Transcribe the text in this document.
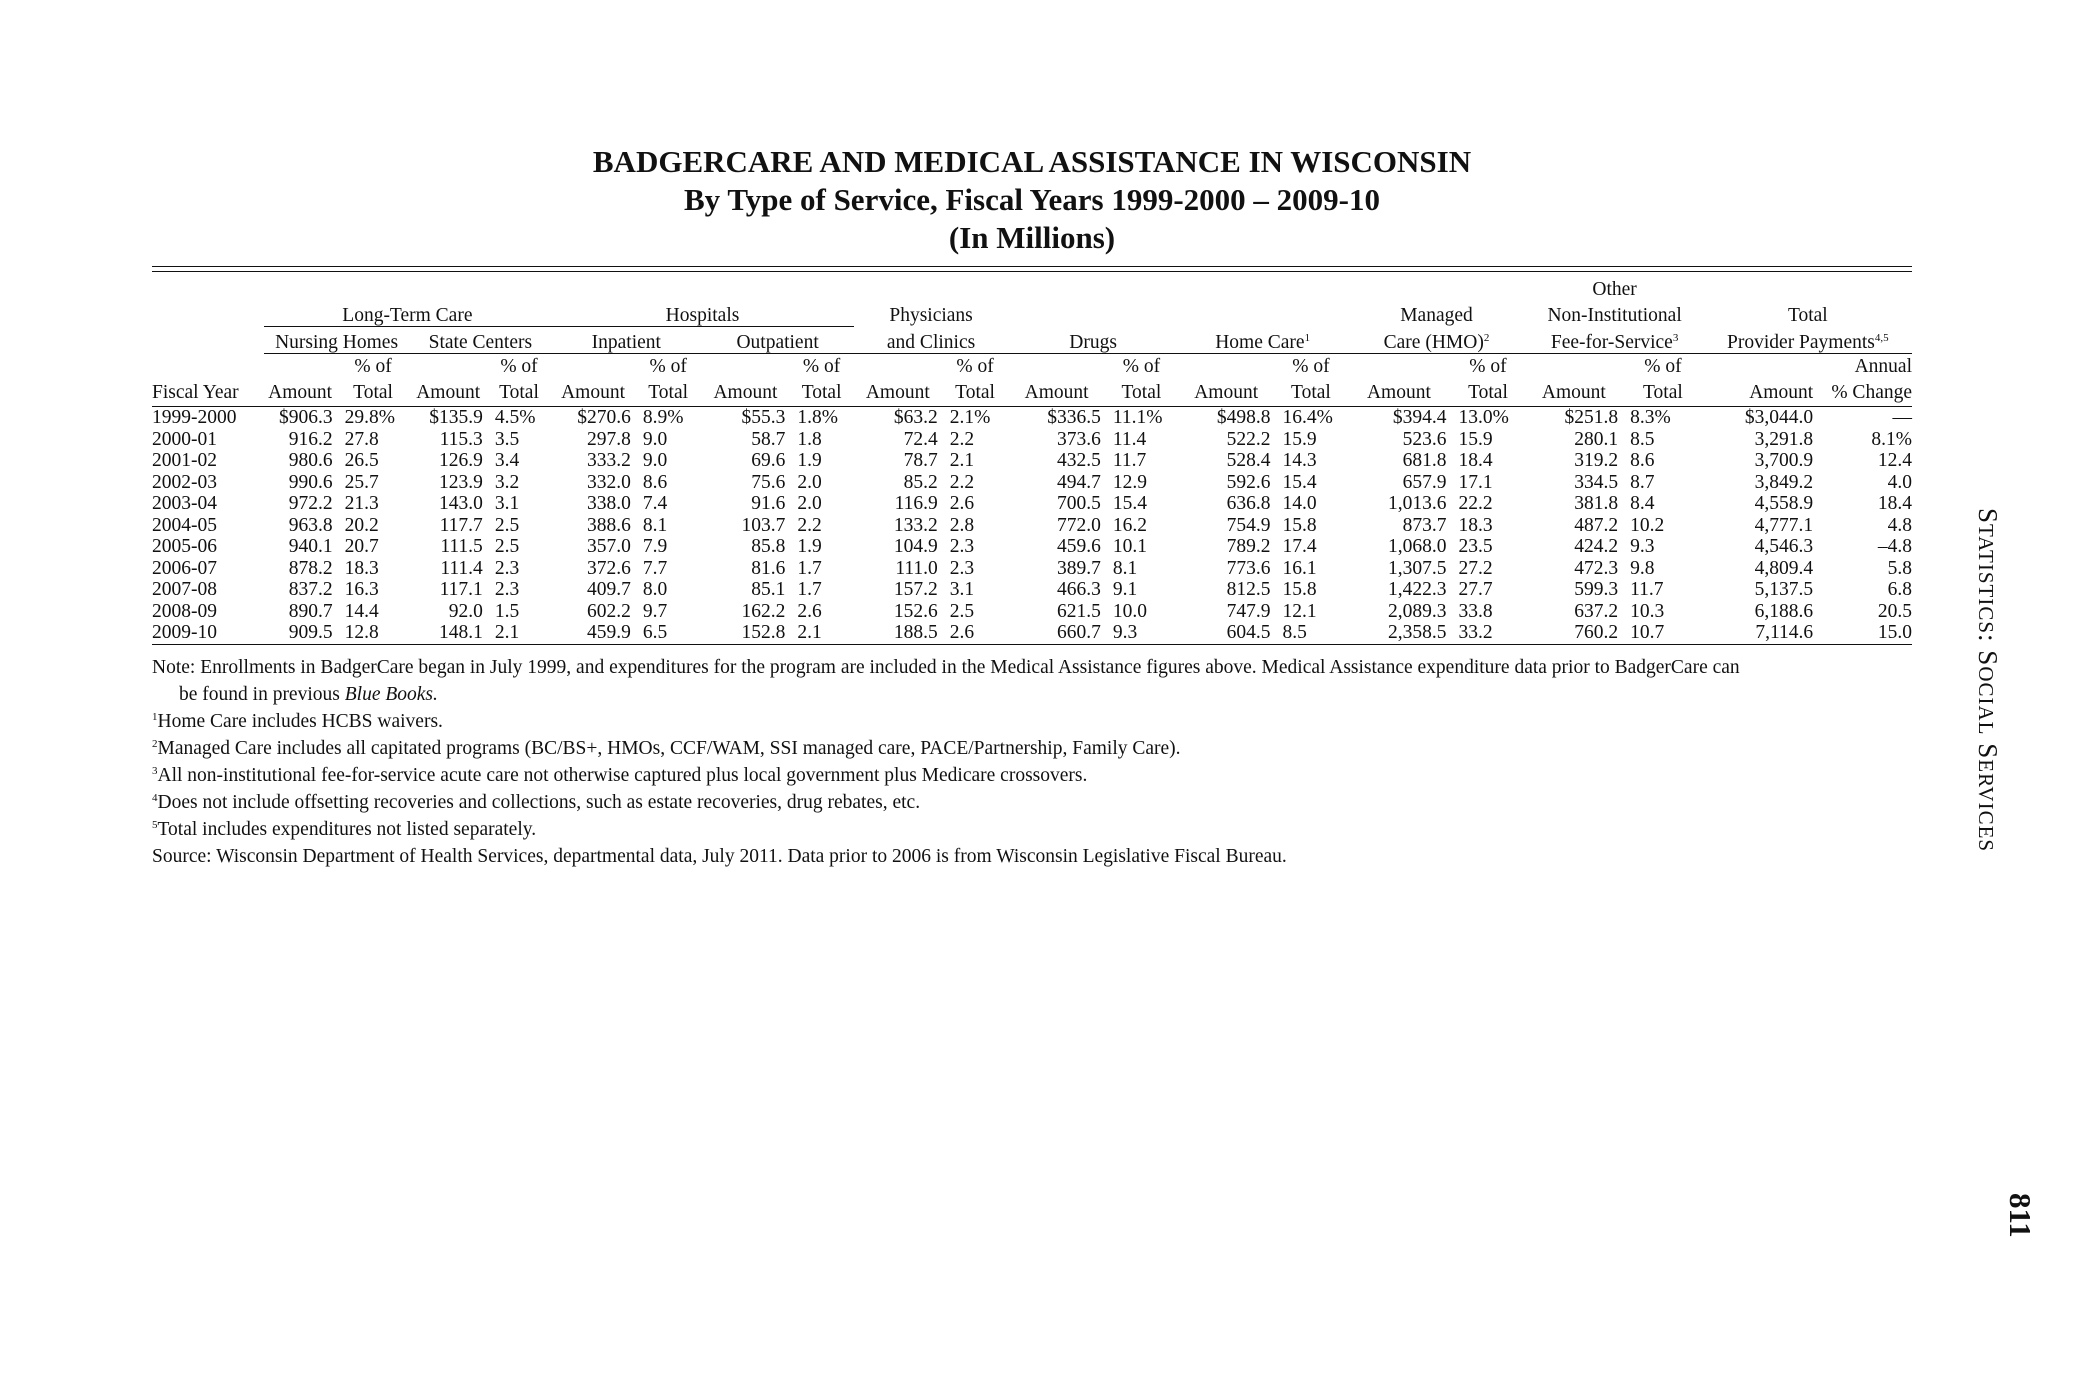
BADGERCARE AND MEDICAL ASSISTANCE IN WISCONSIN
By Type of Service, Fiscal Years 1999-2000 – 2009-10
(In Millions)
																	Other			
	Long-Term Care				Hospitals				Physicians						Managed		Non-Institutional		Total	
	Nursing Homes		State Centers		Inpatient		Outpatient		and Clinics		Drugs		Home Care$^1$		Care (HMO)$^2$		Fee-for-Service$^3$		Provider Payments$^{4,5}$
		% of		% of		% of		% of		% of		% of		% of		% of		% of		Annual
Fiscal Year	Amount	Total	Amount	Total	Amount	Total	Amount	Total	Amount	Total	Amount	Total	Amount	Total	Amount	Total	Amount	Total	Amount	% Change
1999-2000	$906.3	29.8%	$135.9	4.5%	$270.6	8.9%	$55.3	1.8%	$63.2	2.1%	$336.5	11.1%	$498.8	16.4%	$394.4	13.0%	$251.8	8.3%	$3,044.0	—
2000-01	916.2	27.8	115.3	3.5	297.8	9.0	58.7	1.8	72.4	2.2	373.6	11.4	522.2	15.9	523.6	15.9	280.1	8.5	3,291.8	8.1%
2001-02	980.6	26.5	126.9	3.4	333.2	9.0	69.6	1.9	78.7	2.1	432.5	11.7	528.4	14.3	681.8	18.4	319.2	8.6	3,700.9	12.4
2002-03	990.6	25.7	123.9	3.2	332.0	8.6	75.6	2.0	85.2	2.2	494.7	12.9	592.6	15.4	657.9	17.1	334.5	8.7	3,849.2	4.0
2003-04	972.2	21.3	143.0	3.1	338.0	7.4	91.6	2.0	116.9	2.6	700.5	15.4	636.8	14.0	1,013.6	22.2	381.8	8.4	4,558.9	18.4
2004-05	963.8	20.2	117.7	2.5	388.6	8.1	103.7	2.2	133.2	2.8	772.0	16.2	754.9	15.8	873.7	18.3	487.2	10.2	4,777.1	4.8
2005-06	940.1	20.7	111.5	2.5	357.0	7.9	85.8	1.9	104.9	2.3	459.6	10.1	789.2	17.4	1,068.0	23.5	424.2	9.3	4,546.3	–4.8
2006-07	878.2	18.3	111.4	2.3	372.6	7.7	81.6	1.7	111.0	2.3	389.7	8.1	773.6	16.1	1,307.5	27.2	472.3	9.8	4,809.4	5.8
2007-08	837.2	16.3	117.1	2.3	409.7	8.0	85.1	1.7	157.2	3.1	466.3	9.1	812.5	15.8	1,422.3	27.7	599.3	11.7	5,137.5	6.8
2008-09	890.7	14.4	92.0	1.5	602.2	9.7	162.2	2.6	152.6	2.5	621.5	10.0	747.9	12.1	2,089.3	33.8	637.2	10.3	6,188.6	20.5
2009-10	909.5	12.8	148.1	2.1	459.9	6.5	152.8	2.1	188.5	2.6	660.7	9.3	604.5	8.5	2,358.5	33.2	760.2	10.7	7,114.6	15.0

Note: Enrollments in BadgerCare began in July 1999, and expenditures for the program are included in the Medical Assistance figures above. Medical Assistance expenditure data prior to BadgerCare can

be found in previous Blue Books.

$^1$Home Care includes HCBS waivers.

$^2$Managed Care includes all capitated programs (BC/BS+, HMOs, CCF/WAM, SSI managed care, PACE/Partnership, Family Care).

$^3$All non-institutional fee-for-service acute care not otherwise captured plus local government plus Medicare crossovers.

$^4$Does not include offsetting recoveries and collections, such as estate recoveries, drug rebates, etc.

$^5$Total includes expenditures not listed separately.

Source: Wisconsin Department of Health Services, departmental data, July 2011. Data prior to 2006 is from Wisconsin Legislative Fiscal Bureau.

STATISTICS: SOCIAL SERVICES
811
